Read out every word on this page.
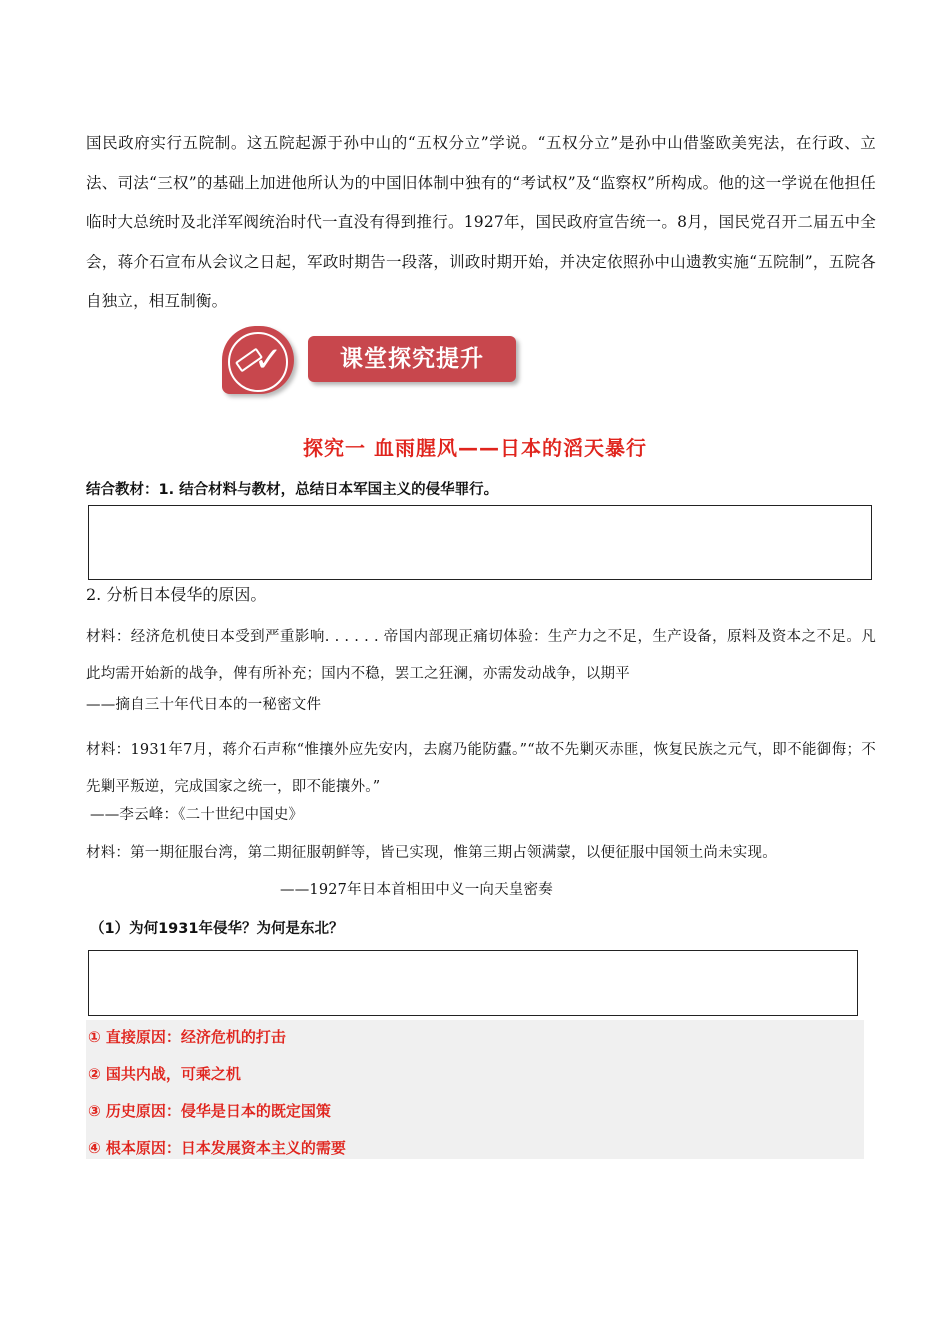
国民政府实行五院制。这五院起源于孙中山的“五权分立”学说。“五权分立”是孙中山借鉴欧美宪法，在行政、立法、司法“三权”的基础上加进他所认为的中国旧体制中独有的“考试权”及“监察权”所构成。他的这一学说在他担任临时大总统时及北洋军阀统治时代一直没有得到推行。1927年，国民政府宣告统一。8月，国民党召开二届五中全会，蒋介石宣布从会议之日起，军政时期告一段落，训政时期开始，并决定依照孙中山遗教实施“五院制”，五院各自独立，相互制衡。
✓	课堂探究提升
探究一 血雨腥风——日本的滔天暴行
结合教材：1. 结合材料与教材，总结日本军国主义的侵华罪行。
2. 分析日本侵华的原因。
材料：经济危机使日本受到严重影响. . . . . . 帝国内部现正痛切体验：生产力之不足，生产设备，原料及资本之不足。凡此均需开始新的战争，俾有所补充；国内不稳，罢工之狂澜，亦需发动战争，以期平
——摘自三十年代日本的一秘密文件
材料：1931年7月，蒋介石声称“惟攘外应先安内，去腐乃能防蠹。”“故不先剿灭赤匪，恢复民族之元气，即不能御侮；不先剿平叛逆，完成国家之统一，即不能攘外。”
——李云峰：《二十世纪中国史》
材料：第一期征服台湾，第二期征服朝鲜等，皆已实现，惟第三期占领满蒙，以便征服中国领土尚未实现。
——1927年日本首相田中义一向天皇密奏
（1）为何1931年侵华？为何是东北？
① 直接原因：经济危机的打击
② 国共内战，可乘之机
③ 历史原因：侵华是日本的既定国策
④ 根本原因：日本发展资本主义的需要
